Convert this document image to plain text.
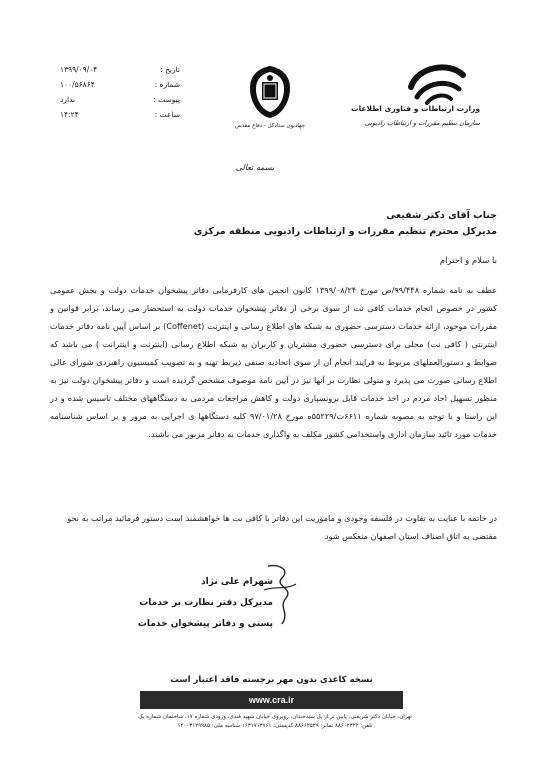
تاریخ :
۱۳۹۹/۰۹/۰۴
شماره :
۱۰۰/۵۶۸۶۴
پیوست :
ندارد
ساعت :
۱۴:۲۴
جهادیون ستادکل - دفاع مقدس
وزارت ارتباطات و فناوری اطلاعات
سازمان تنظیم مقررات و ارتباطات رادیویی
بسمه تعالی
جناب آقای دکتر شفیعی
مدیرکل محترم تنظیم مقررات و ارتباطات رادیویی منطقه مرکزی
با سلام و احترام

عطف به نامه شماره ۹۹/۴۴۸/ص مورخ ۱۳۹۹/۰۸/۲۴ کانون انجمن های کارفرمایی دفاتر پیشخوان خدمات دولت و بخش عمومی کشور در خصوص انجام خدمات کافی نت از سوی برخی از دفاتر پیشخوان خدمات دولت به استحضار می رساند، برابر قوانین و مقررات موجود، ارائه خدمات دسترسی حضوری به شبکه های اطلاع رسانی و اینترنت (Coffenet) بر اساس آیین نامه دفاتر خدمات اینترنتی ( کافی نت) محلی برای دسترسی حضوری مشتریان و کاربران به شبکه اطلاع رسانی (اینترنت و اینترانت ) می باشد که ضوابط و دستورالعملهای مربوط به فرایند انجام آن از سوی اتحادیه صنفی ذیربط تهیه و به تصویب کمیسیون راهبردی شورای عالی اطلاع رسانی صورت می پذیرد و متولی نظارت بر آنها نیز در آیین نامه موصوف مشخص گردیده است و دفاتر پیشخوان دولت نیز به منظور تسهیل احاد مردم در اخذ خدمات قابل برونسپاری دولت و کاهش مراجعات مردمی به دستگاههای مختلف تاسیس شده و در این راستا و با توجه به مصوبه شماره ۶۶۱۱ت/۵۵۲۲۹ه مورخ ۹۷/۰۱/۲۸ کلیه دستگاهها ی اجرایی به مرور و بر اساس شناسنامه خدمات مورد تائید سازمان اداری واستخدامی کشور مکلف به واگذاری خدمات به دفاتر مزبور می باشند.

در خاتمه با عنایت به تفاوت در فلسفه وجودی و ماموریت این دفاتر با کافی نت ها خواهشمند است دستور فرمائید مراتب به نحو مقتضی به اتاق اصناف استان اصفهان منعکس شود
شهرام علی نژاد
مدیرکل دفتر نظارت بر خدمات
پستی و دفاتر پیشخوان خدمات
نسخه کاغذی بدون مهر برجسته فاقد اعتبار است
www.cra.ir
تهران، خیابان دکتر شریعتی، پایین تر از پل سیدخندان، روبروی خیابان شهید قندی، ورودی شماره ۱۷، ساختمان شماره یک
تلفن: ۸۸۶۰۲۳۲۲ نمابر: ۸۸۶۶۲۵۲۹ کدپستی: ۱۶۳۱۷۱۳۷۶۱ شناسه ملی: ۱۴۰۰۳۱۲۹۹۸۵
